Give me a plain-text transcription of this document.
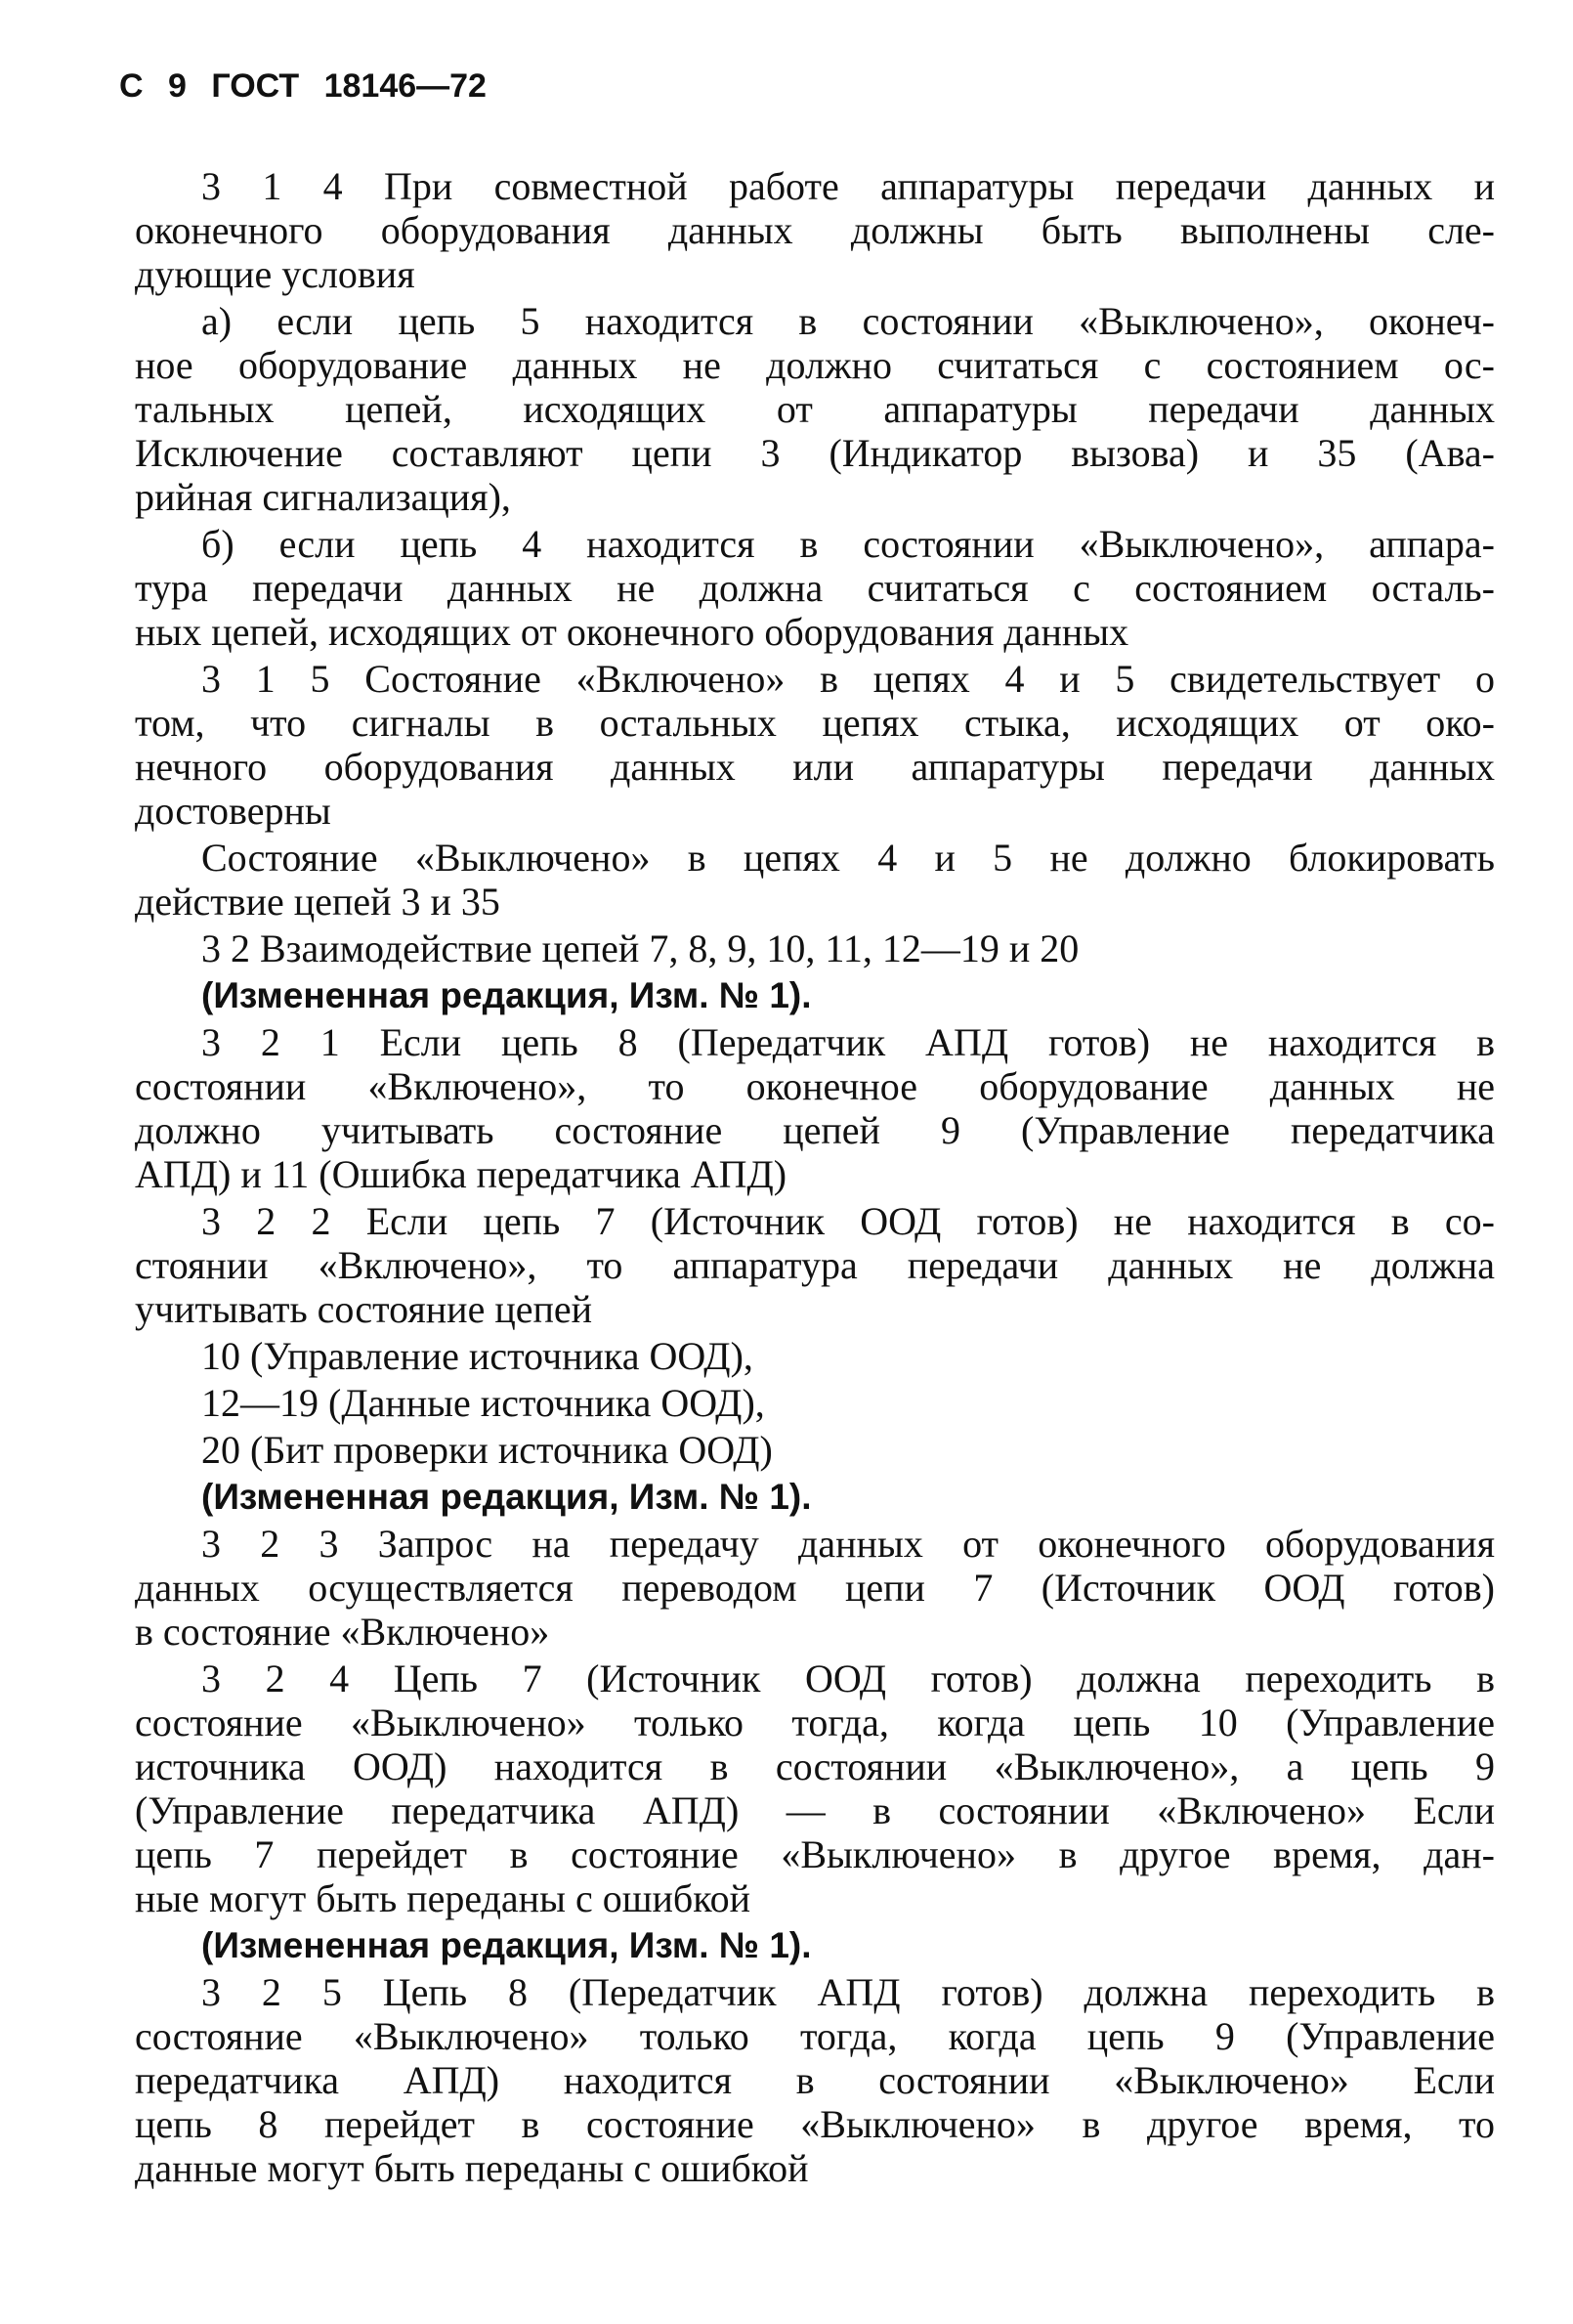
С 9 ГОСТ 18146—72
3 1 4 При совместной работе аппаратуры передачи данных и
оконечного оборудования данных должны быть выполнены сле-
дующие условия
а) если цепь 5 находится в состоянии «Выключено», оконеч-
ное оборудование данных не должно считаться с состоянием ос-
тальных цепей, исходящих от аппаратуры передачи данных
Исключение составляют цепи 3 (Индикатор вызова) и 35 (Ава-
рийная сигнализация),
б) если цепь 4 находится в состоянии «Выключено», аппара-
тура передачи данных не должна считаться с состоянием осталь-
ных цепей, исходящих от оконечного оборудования данных
3 1 5 Состояние «Включено» в цепях 4 и 5 свидетельствует о
том, что сигналы в остальных цепях стыка, исходящих от око-
нечного оборудования данных или аппаратуры передачи данных
достоверны
Состояние «Выключено» в цепях 4 и 5 не должно блокировать
действие цепей 3 и 35
3 2 Взаимодействие цепей 7, 8, 9, 10, 11, 12—19 и 20
(Измененная редакция, Изм. № 1).
3 2 1 Если цепь 8 (Передатчик АПД готов) не находится в
состоянии «Включено», то оконечное оборудование данных не
должно учитывать состояние цепей 9 (Управление передатчика
АПД) и 11 (Ошибка передатчика АПД)
3 2 2 Если цепь 7 (Источник ООД готов) не находится в со-
стоянии «Включено», то аппаратура передачи данных не должна
учитывать состояние цепей
10 (Управление источника ООД),
12—19 (Данные источника ООД),
20 (Бит проверки источника ООД)
(Измененная редакция, Изм. № 1).
3 2 3 Запрос на передачу данных от оконечного оборудования
данных осуществляется переводом цепи 7 (Источник ООД готов)
в состояние «Включено»
3 2 4 Цепь 7 (Источник ООД готов) должна переходить в
состояние «Выключено» только тогда, когда цепь 10 (Управление
источника ООД) находится в состоянии «Выключено», а цепь 9
(Управление передатчика АПД) — в состоянии «Включено» Если
цепь 7 перейдет в состояние «Выключено» в другое время, дан-
ные могут быть переданы с ошибкой
(Измененная редакция, Изм. № 1).
3 2 5 Цепь 8 (Передатчик АПД готов) должна переходить в
состояние «Выключено» только тогда, когда цепь 9 (Управление
передатчика АПД) находится в состоянии «Выключено» Если
цепь 8 перейдет в состояние «Выключено» в другое время, то
данные могут быть переданы с ошибкой
